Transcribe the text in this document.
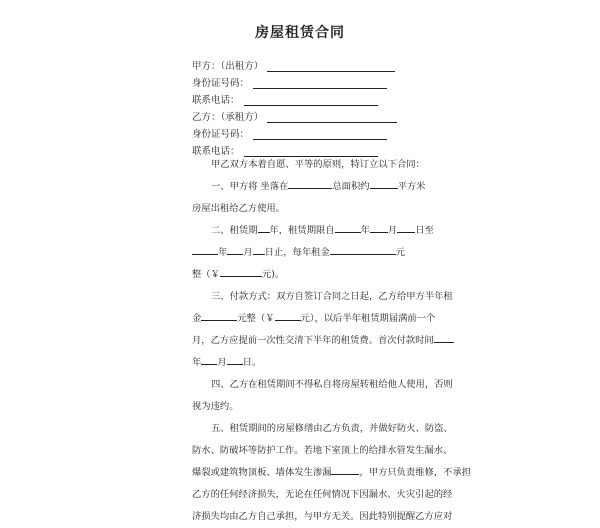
房屋租赁合同
甲方：（出租方）
身份证号码：
联系电话：
乙方：（承租方）
身份证号码：
联系电话：
甲乙双方本着自愿、平等的原则，特订立以下合同：
一、甲方将 坐落在	总面积约	平方米
房屋出租给乙方使用。
二、租赁期 年，租赁期限自	年 月 日至
年 月 日止，每年租金	元
整（￥	元)。
三、付款方式：双方自签订合同之日起，乙方给甲方半年租
金	元整（￥	元），以后半年租赁期届满前一个
月，乙方应提前一次性交清下半年的租赁费。首次付款时间
年 月 日。
四、乙方在租赁期间不得私自将房屋转租给他人使用，否则
视为违约。
五、租赁期间的房屋修缮由乙方负责，并做好防火、防盗、
防水、防破坏等防护工作。若地下室顶上的给排水管发生漏水、
爆裂或建筑物顶板、墙体发生渗漏	，甲方只负责维修，不承担
乙方的任何经济损失，无论在任何情况下因漏水、火灾引起的经
济损失均由乙方自己承担，与甲方无关。因此特别提醒乙方应对
